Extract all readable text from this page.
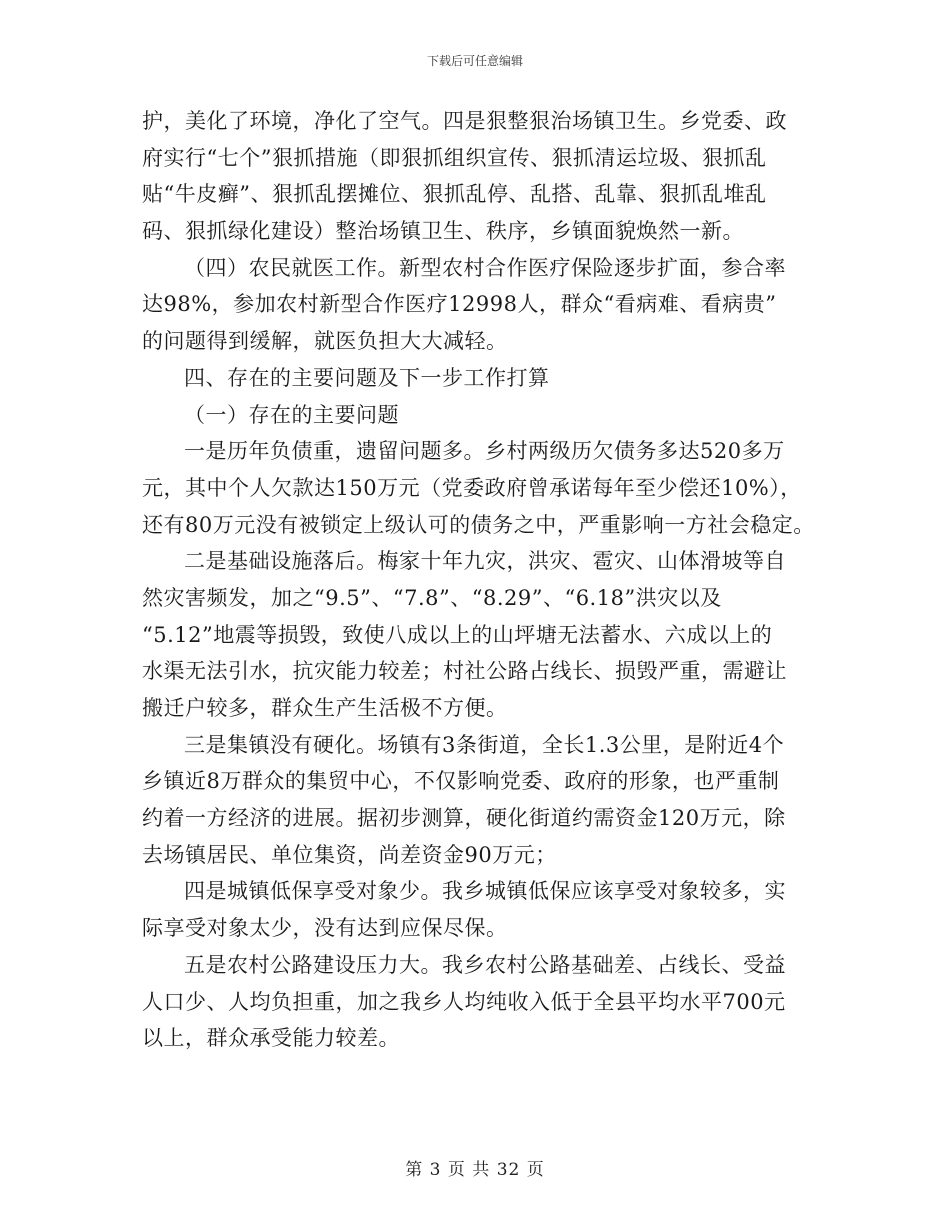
下载后可任意编辑
护，美化了环境，净化了空气。四是狠整狠治场镇卫生。乡党委、政
府实行“七个”狠抓措施（即狠抓组织宣传、狠抓清运垃圾、狠抓乱
贴“牛皮癣”、狠抓乱摆摊位、狠抓乱停、乱搭、乱靠、狠抓乱堆乱
码、狠抓绿化建设）整治场镇卫生、秩序，乡镇面貌焕然一新。
（四）农民就医工作。新型农村合作医疗保险逐步扩面，参合率
达98%，参加农村新型合作医疗12998人，群众“看病难、看病贵”
的问题得到缓解，就医负担大大减轻。
四、存在的主要问题及下一步工作打算
（一）存在的主要问题
一是历年负债重，遗留问题多。乡村两级历欠债务多达520多万
元，其中个人欠款达150万元（党委政府曾承诺每年至少偿还10%），
还有80万元没有被锁定上级认可的债务之中，严重影响一方社会稳定。
二是基础设施落后。梅家十年九灾，洪灾、雹灾、山体滑坡等自
然灾害频发，加之“9.5”、“7.8”、“8.29”、“6.18”洪灾以及
“5.12”地震等损毁，致使八成以上的山坪塘无法蓄水、六成以上的
水渠无法引水，抗灾能力较差；村社公路占线长、损毁严重，需避让
搬迁户较多，群众生产生活极不方便。
三是集镇没有硬化。场镇有3条街道，全长1.3公里，是附近4个
乡镇近8万群众的集贸中心，不仅影响党委、政府的形象，也严重制
约着一方经济的进展。据初步测算，硬化街道约需资金120万元，除
去场镇居民、单位集资，尚差资金90万元；
四是城镇低保享受对象少。我乡城镇低保应该享受对象较多，实
际享受对象太少，没有达到应保尽保。
五是农村公路建设压力大。我乡农村公路基础差、占线长、受益
人口少、人均负担重，加之我乡人均纯收入低于全县平均水平700元
以上，群众承受能力较差。
第 3 页 共 32 页
